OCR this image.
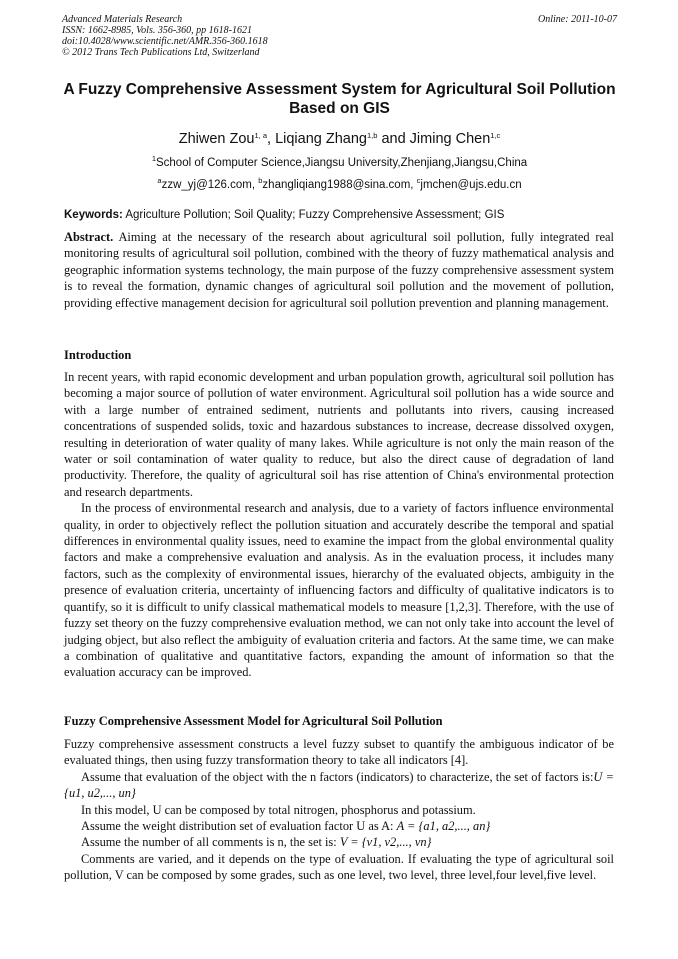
Advanced Materials Research
ISSN: 1662-8985, Vols. 356-360, pp 1618-1621
doi:10.4028/www.scientific.net/AMR.356-360.1618
© 2012 Trans Tech Publications Ltd, Switzerland
Online: 2011-10-07
A Fuzzy Comprehensive Assessment System for Agricultural Soil Pollution Based on GIS
Zhiwen Zou$^{1, a}$, Liqiang Zhang$^{1,b}$ and Jiming Chen$^{1,c}$
$^1$School of Computer Science,Jiangsu University,Zhenjiang,Jiangsu,China
$^a$zzw_yj@126.com, $^b$zhangliqiang1988@sina.com, $^c$jmchen@ujs.edu.cn
Keywords: Agriculture Pollution; Soil Quality; Fuzzy Comprehensive Assessment; GIS

Abstract. Aiming at the necessary of the research about agricultural soil pollution, fully integrated real monitoring results of agricultural soil pollution, combined with the theory of fuzzy mathematical analysis and geographic information systems technology, the main purpose of the fuzzy comprehensive assessment system is to reveal the formation, dynamic changes of agricultural soil pollution and the movement of pollution, providing effective management decision for agricultural soil pollution prevention and planning management.

Introduction

In recent years, with rapid economic development and urban population growth, agricultural soil pollution has becoming a major source of pollution of water environment. Agricultural soil pollution has a wide source and with a large number of entrained sediment, nutrients and pollutants into rivers, causing increased concentrations of suspended solids, toxic and hazardous substances to increase, decrease dissolved oxygen, resulting in deterioration of water quality of many lakes. While agriculture is not only the main reason of the water or soil contamination of water quality to reduce, but also the direct cause of degradation of land productivity. Therefore, the quality of agricultural soil has rise attention of China's environmental protection and research departments.

In the process of environmental research and analysis, due to a variety of factors influence environmental quality, in order to objectively reflect the pollution situation and accurately describe the temporal and spatial differences in environmental quality issues, need to examine the impact from the global environmental quality factors and make a comprehensive evaluation and analysis. As in the evaluation process, it includes many factors, such as the complexity of environmental issues, hierarchy of the evaluated objects, ambiguity in the presence of evaluation criteria, uncertainty of influencing factors and difficulty of qualitative indicators is to quantify, so it is difficult to unify classical mathematical models to measure [1,2,3]. Therefore, with the use of fuzzy set theory on the fuzzy comprehensive evaluation method, we can not only take into account the level of judging object, but also reflect the ambiguity of evaluation criteria and factors. At the same time, we can make a combination of qualitative and quantitative factors, expanding the amount of information so that the evaluation accuracy can be improved.

Fuzzy Comprehensive Assessment Model for Agricultural Soil Pollution

Fuzzy comprehensive assessment constructs a level fuzzy subset to quantify the ambiguous indicator of be evaluated things, then using fuzzy transformation theory to take all indicators [4].

Assume that evaluation of the object with the n factors (indicators) to characterize, the set of factors is:U = {u1, u2,..., un}

In this model, U can be composed by total nitrogen, phosphorus and potassium.

Assume the weight distribution set of evaluation factor U as A: A = {a1, a2,..., an}

Assume the number of all comments is n, the set is: V = {v1, v2,..., vn}

Comments are varied, and it depends on the type of evaluation. If evaluating the type of agricultural soil pollution, V can be composed by some grades, such as one level, two level, three level,four level,five level.
